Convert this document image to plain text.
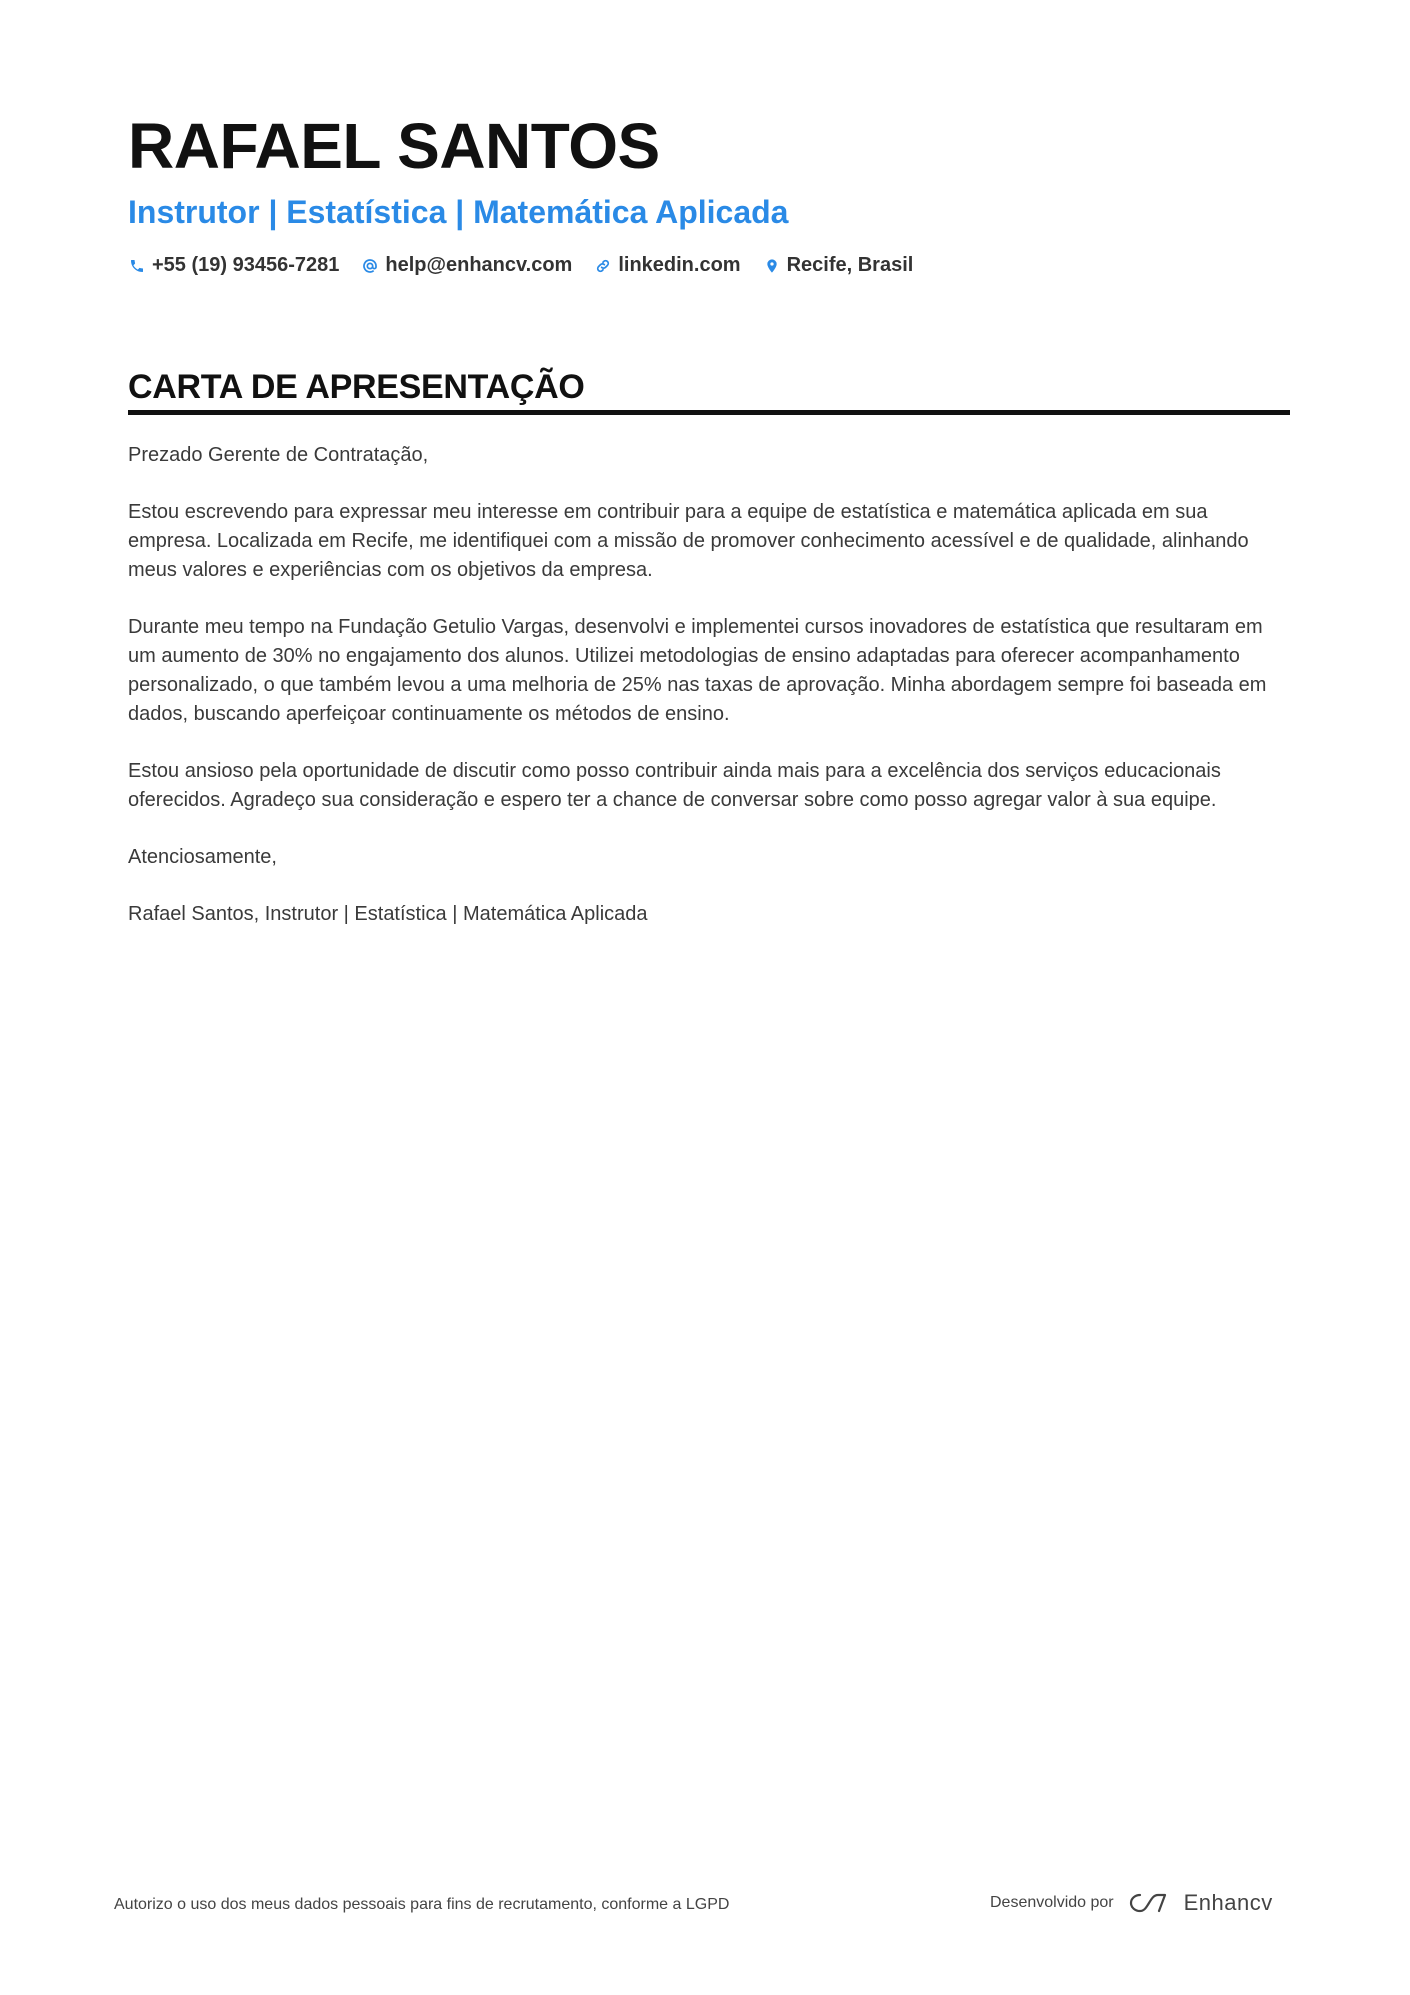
RAFAEL SANTOS
Instrutor | Estatística | Matemática Aplicada
+55 (19) 93456-7281 help@enhancv.com linkedin.com Recife, Brasil
CARTA DE APRESENTAÇÃO

Prezado Gerente de Contratação,

Estou escrevendo para expressar meu interesse em contribuir para a equipe de estatística e matemática aplicada em sua empresa. Localizada em Recife, me identifiquei com a missão de promover conhecimento acessível e de qualidade, alinhando meus valores e experiências com os objetivos da empresa.

Durante meu tempo na Fundação Getulio Vargas, desenvolvi e implementei cursos inovadores de estatística que resultaram em um aumento de 30% no engajamento dos alunos. Utilizei metodologias de ensino adaptadas para oferecer acompanhamento personalizado, o que também levou a uma melhoria de 25% nas taxas de aprovação. Minha abordagem sempre foi baseada em dados, buscando aperfeiçoar continuamente os métodos de ensino.

Estou ansioso pela oportunidade de discutir como posso contribuir ainda mais para a excelência dos serviços educacionais oferecidos. Agradeço sua consideração e espero ter a chance de conversar sobre como posso agregar valor à sua equipe.

Atenciosamente,

Rafael Santos, Instrutor | Estatística | Matemática Aplicada

Autorizo o uso dos meus dados pessoais para fins de recrutamento, conforme a LGPD	Desenvolvido por	Enhancv
